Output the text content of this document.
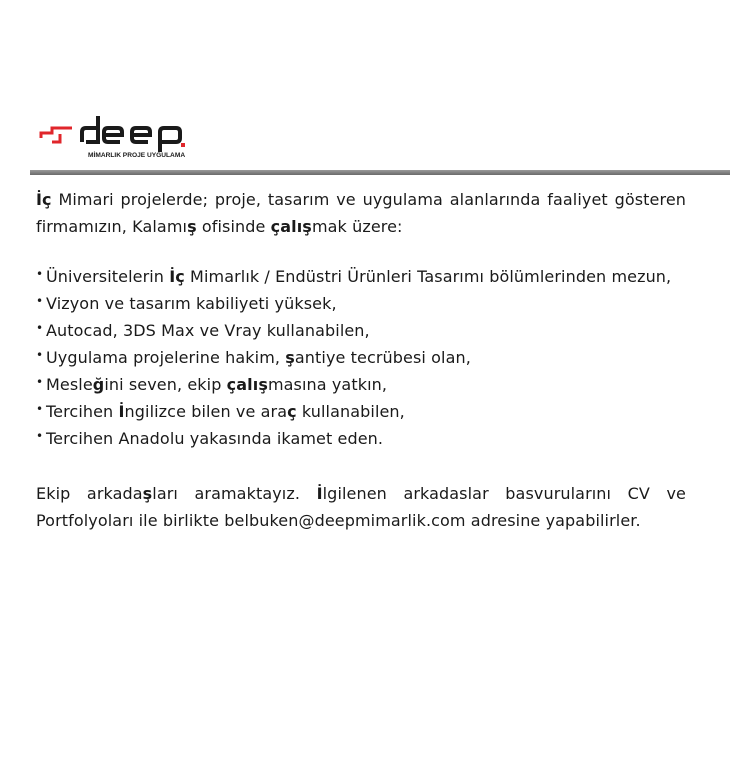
MİMARLIK PROJE UYGULAMA

İç Mimari projelerde; proje, tasarım ve uygulama alanlarında faaliyet gösteren firmamızın, Kalamış ofisinde çalışmak üzere:

• Üniversitelerin İç Mimarlık / Endüstri Ürünleri Tasarımı bölümlerinden mezun,
• Vizyon ve tasarım kabiliyeti yüksek,
• Autocad, 3DS Max ve Vray kullanabilen,
• Uygulama projelerine hakim, şantiye tecrübesi olan,
• Mesleğini seven, ekip çalışmasına yatkın,
• Tercihen İngilizce bilen ve araç kullanabilen,
• Tercihen Anadolu yakasında ikamet eden.

Ekip arkadaşları aramaktayız. İlgilenen arkadaslar basvurularını CV ve Portfolyoları ile birlikte belbuken@deepmimarlik.com adresine yapabilirler.
